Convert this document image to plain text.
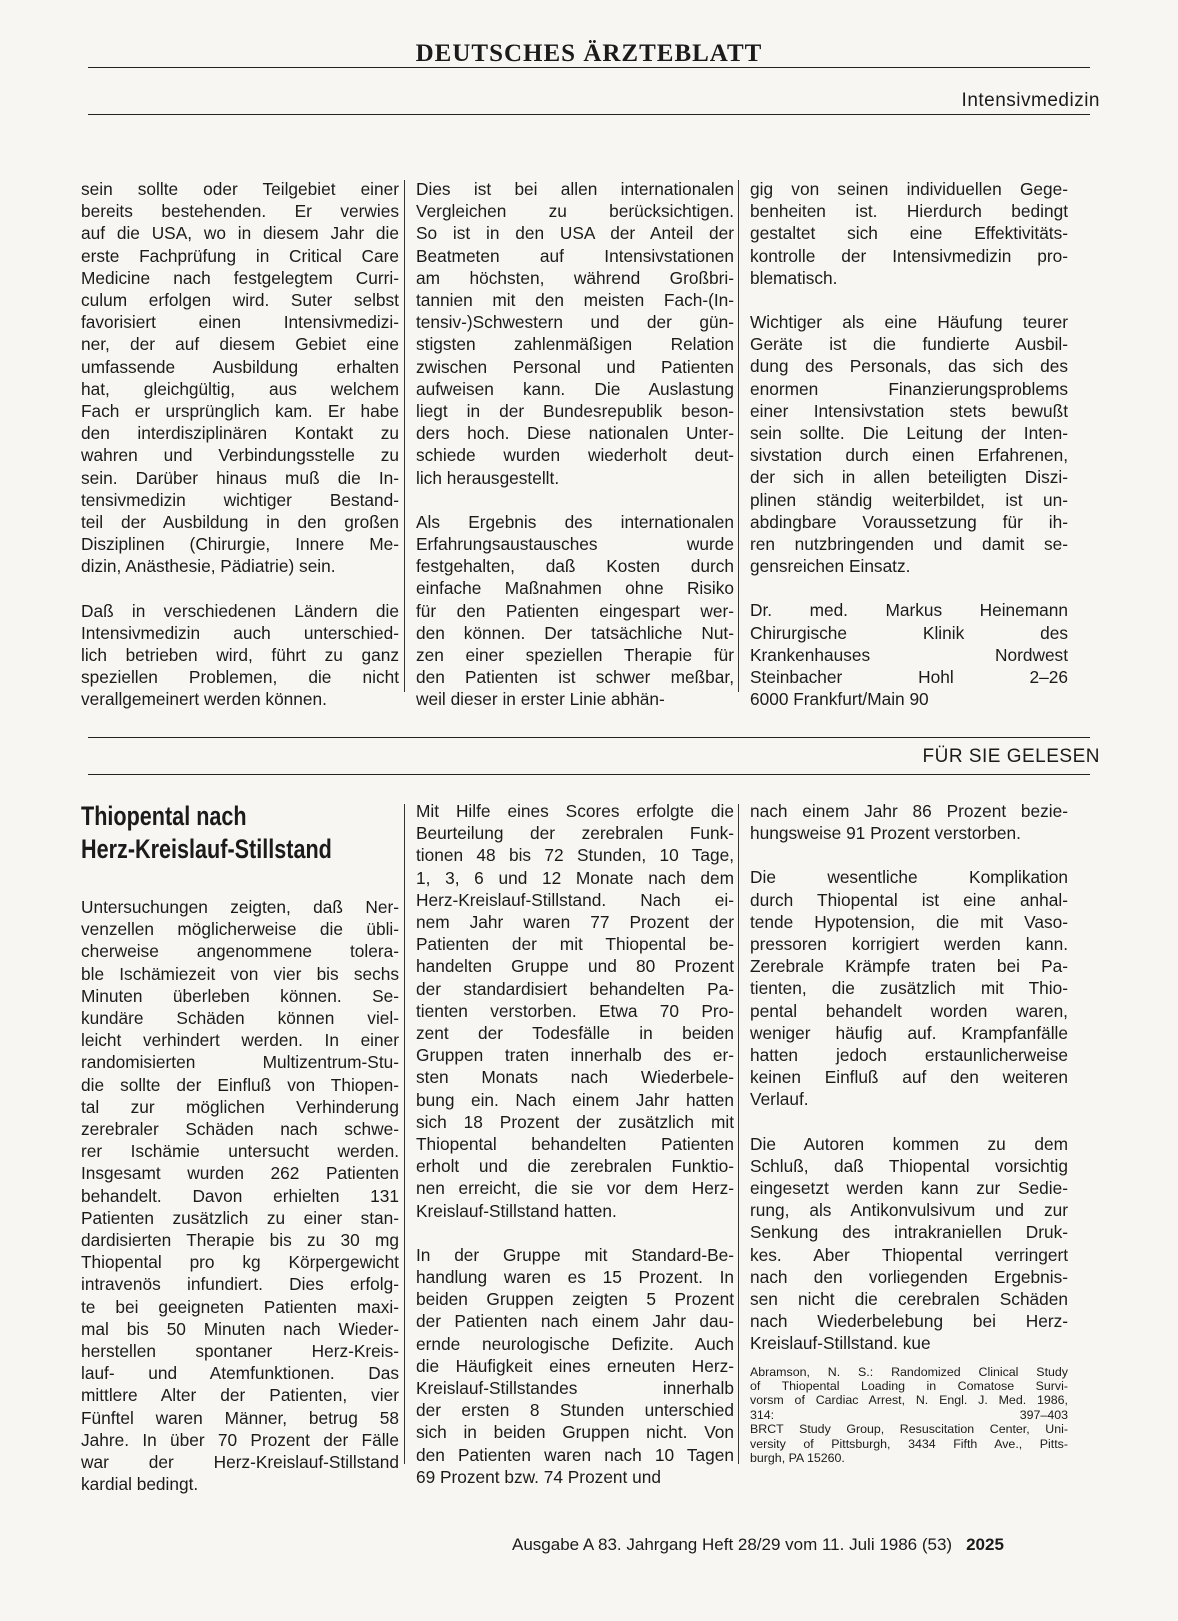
DEUTSCHES ÄRZTEBLATT
Intensivmedizin
sein sollte oder Teilgebiet einer
bereits bestehenden. Er verwies
auf die USA, wo in diesem Jahr die
erste Fachprüfung in Critical Care
Medicine nach festgelegtem Curri-
culum erfolgen wird. Suter selbst
favorisiert einen Intensivmedizi-
ner, der auf diesem Gebiet eine
umfassende Ausbildung erhalten
hat, gleichgültig, aus welchem
Fach er ursprünglich kam. Er habe
den interdisziplinären Kontakt zu
wahren und Verbindungsstelle zu
sein. Darüber hinaus muß die In-
tensivmedizin wichtiger Bestand-
teil der Ausbildung in den großen
Disziplinen (Chirurgie, Innere Me-
dizin, Anästhesie, Pädiatrie) sein.
Daß in verschiedenen Ländern die
Intensivmedizin auch unterschied-
lich betrieben wird, führt zu ganz
speziellen Problemen, die nicht
verallgemeinert werden können.
Dies ist bei allen internationalen
Vergleichen zu berücksichtigen.
So ist in den USA der Anteil der
Beatmeten auf Intensivstationen
am höchsten, während Großbri-
tannien mit den meisten Fach-(In-
tensiv-)Schwestern und der gün-
stigsten zahlenmäßigen Relation
zwischen Personal und Patienten
aufweisen kann. Die Auslastung
liegt in der Bundesrepublik beson-
ders hoch. Diese nationalen Unter-
schiede wurden wiederholt deut-
lich herausgestellt.
Als Ergebnis des internationalen
Erfahrungsaustausches wurde
festgehalten, daß Kosten durch
einfache Maßnahmen ohne Risiko
für den Patienten eingespart wer-
den können. Der tatsächliche Nut-
zen einer speziellen Therapie für
den Patienten ist schwer meßbar,
weil dieser in erster Linie abhän-
gig von seinen individuellen Gege-
benheiten ist. Hierdurch bedingt
gestaltet sich eine Effektivitäts-
kontrolle der Intensivmedizin pro-
blematisch.
Wichtiger als eine Häufung teurer
Geräte ist die fundierte Ausbil-
dung des Personals, das sich des
enormen Finanzierungsproblems
einer Intensivstation stets bewußt
sein sollte. Die Leitung der Inten-
sivstation durch einen Erfahrenen,
der sich in allen beteiligten Diszi-
plinen ständig weiterbildet, ist un-
abdingbare Voraussetzung für ih-
ren nutzbringenden und damit se-
gensreichen Einsatz.
Dr. med. Markus Heinemann
Chirurgische Klinik des
Krankenhauses Nordwest
Steinbacher Hohl 2–26
6000 Frankfurt/Main 90
FÜR SIE GELESEN
Thiopental nach
Herz-Kreislauf-Stillstand
Untersuchungen zeigten, daß Ner-
venzellen möglicherweise die übli-
cherweise angenommene tolera-
ble Ischämiezeit von vier bis sechs
Minuten überleben können. Se-
kundäre Schäden können viel-
leicht verhindert werden. In einer
randomisierten Multizentrum-Stu-
die sollte der Einfluß von Thiopen-
tal zur möglichen Verhinderung
zerebraler Schäden nach schwe-
rer Ischämie untersucht werden.
Insgesamt wurden 262 Patienten
behandelt. Davon erhielten 131
Patienten zusätzlich zu einer stan-
dardisierten Therapie bis zu 30 mg
Thiopental pro kg Körpergewicht
intravenös infundiert. Dies erfolg-
te bei geeigneten Patienten maxi-
mal bis 50 Minuten nach Wieder-
herstellen spontaner Herz-Kreis-
lauf- und Atemfunktionen. Das
mittlere Alter der Patienten, vier
Fünftel waren Männer, betrug 58
Jahre. In über 70 Prozent der Fälle
war der Herz-Kreislauf-Stillstand
kardial bedingt.
Mit Hilfe eines Scores erfolgte die
Beurteilung der zerebralen Funk-
tionen 48 bis 72 Stunden, 10 Tage,
1, 3, 6 und 12 Monate nach dem
Herz-Kreislauf-Stillstand. Nach ei-
nem Jahr waren 77 Prozent der
Patienten der mit Thiopental be-
handelten Gruppe und 80 Prozent
der standardisiert behandelten Pa-
tienten verstorben. Etwa 70 Pro-
zent der Todesfälle in beiden
Gruppen traten innerhalb des er-
sten Monats nach Wiederbele-
bung ein. Nach einem Jahr hatten
sich 18 Prozent der zusätzlich mit
Thiopental behandelten Patienten
erholt und die zerebralen Funktio-
nen erreicht, die sie vor dem Herz-
Kreislauf-Stillstand hatten.
In der Gruppe mit Standard-Be-
handlung waren es 15 Prozent. In
beiden Gruppen zeigten 5 Prozent
der Patienten nach einem Jahr dau-
ernde neurologische Defizite. Auch
die Häufigkeit eines erneuten Herz-
Kreislauf-Stillstandes innerhalb
der ersten 8 Stunden unterschied
sich in beiden Gruppen nicht. Von
den Patienten waren nach 10 Tagen
69 Prozent bzw. 74 Prozent und
nach einem Jahr 86 Prozent bezie-
hungsweise 91 Prozent verstorben.
Die wesentliche Komplikation
durch Thiopental ist eine anhal-
tende Hypotension, die mit Vaso-
pressoren korrigiert werden kann.
Zerebrale Krämpfe traten bei Pa-
tienten, die zusätzlich mit Thio-
pental behandelt worden waren,
weniger häufig auf. Krampfanfälle
hatten jedoch erstaunlicherweise
keinen Einfluß auf den weiteren
Verlauf.
Die Autoren kommen zu dem
Schluß, daß Thiopental vorsichtig
eingesetzt werden kann zur Sedie-
rung, als Antikonvulsivum und zur
Senkung des intrakraniellen Druk-
kes. Aber Thiopental verringert
nach den vorliegenden Ergebnis-
sen nicht die cerebralen Schäden
nach Wiederbelebung bei Herz-
Kreislauf-Stillstand. kue
Abramson, N. S.: Randomized Clinical Study
of Thiopental Loading in Comatose Survi-
vorsm of Cardiac Arrest, N. Engl. J. Med. 1986,
314: 397–403
BRCT Study Group, Resuscitation Center, Uni-
versity of Pittsburgh, 3434 Fifth Ave., Pitts-
burgh, PA 15260.
Ausgabe A 83. Jahrgang Heft 28/29 vom 11. Juli 1986 (53) 2025
